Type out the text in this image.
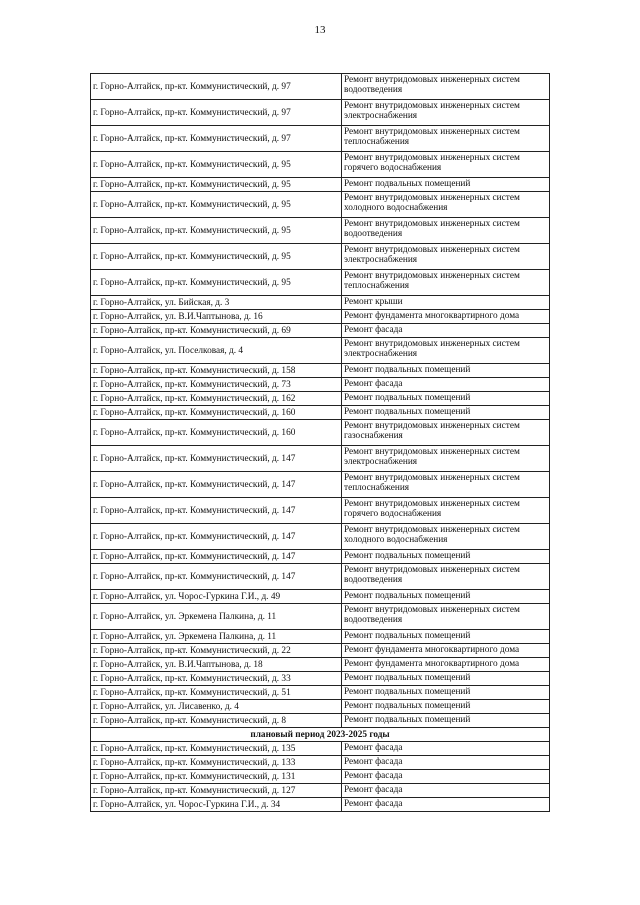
13
г. Горно-Алтайск, пр-кт. Коммунистический, д. 97	Ремонт внутридомовых инженерных систем водоотведения
г. Горно-Алтайск, пр-кт. Коммунистический, д. 97	Ремонт внутридомовых инженерных систем электроснабжения
г. Горно-Алтайск, пр-кт. Коммунистический, д. 97	Ремонт внутридомовых инженерных систем теплоснабжения
г. Горно-Алтайск, пр-кт. Коммунистический, д. 95	Ремонт внутридомовых инженерных систем горячего водоснабжения
г. Горно-Алтайск, пр-кт. Коммунистический, д. 95	Ремонт подвальных помещений
г. Горно-Алтайск, пр-кт. Коммунистический, д. 95	Ремонт внутридомовых инженерных систем холодного водоснабжения
г. Горно-Алтайск, пр-кт. Коммунистический, д. 95	Ремонт внутридомовых инженерных систем водоотведения
г. Горно-Алтайск, пр-кт. Коммунистический, д. 95	Ремонт внутридомовых инженерных систем электроснабжения
г. Горно-Алтайск, пр-кт. Коммунистический, д. 95	Ремонт внутридомовых инженерных систем теплоснабжения
г. Горно-Алтайск, ул. Бийская, д. 3	Ремонт крыши
г. Горно-Алтайск, ул. В.И.Чаптынова, д. 16	Ремонт фундамента многоквартирного дома
г. Горно-Алтайск, пр-кт. Коммунистический, д. 69	Ремонт фасада
г. Горно-Алтайск, ул. Поселковая, д. 4	Ремонт внутридомовых инженерных систем электроснабжения
г. Горно-Алтайск, пр-кт. Коммунистический, д. 158	Ремонт подвальных помещений
г. Горно-Алтайск, пр-кт. Коммунистический, д. 73	Ремонт фасада
г. Горно-Алтайск, пр-кт. Коммунистический, д. 162	Ремонт подвальных помещений
г. Горно-Алтайск, пр-кт. Коммунистический, д. 160	Ремонт подвальных помещений
г. Горно-Алтайск, пр-кт. Коммунистический, д. 160	Ремонт внутридомовых инженерных систем газоснабжения
г. Горно-Алтайск, пр-кт. Коммунистический, д. 147	Ремонт внутридомовых инженерных систем электроснабжения
г. Горно-Алтайск, пр-кт. Коммунистический, д. 147	Ремонт внутридомовых инженерных систем теплоснабжения
г. Горно-Алтайск, пр-кт. Коммунистический, д. 147	Ремонт внутридомовых инженерных систем горячего водоснабжения
г. Горно-Алтайск, пр-кт. Коммунистический, д. 147	Ремонт внутридомовых инженерных систем холодного водоснабжения
г. Горно-Алтайск, пр-кт. Коммунистический, д. 147	Ремонт подвальных помещений
г. Горно-Алтайск, пр-кт. Коммунистический, д. 147	Ремонт внутридомовых инженерных систем водоотведения
г. Горно-Алтайск, ул. Чорос-Гуркина Г.И., д. 49	Ремонт подвальных помещений
г. Горно-Алтайск, ул. Эркемена Палкина, д. 11	Ремонт внутридомовых инженерных систем водоотведения
г. Горно-Алтайск, ул. Эркемена Палкина, д. 11	Ремонт подвальных помещений
г. Горно-Алтайск, пр-кт. Коммунистический, д. 22	Ремонт фундамента многоквартирного дома
г. Горно-Алтайск, ул. В.И.Чаптынова, д. 18	Ремонт фундамента многоквартирного дома
г. Горно-Алтайск, пр-кт. Коммунистический, д. 33	Ремонт подвальных помещений
г. Горно-Алтайск, пр-кт. Коммунистический, д. 51	Ремонт подвальных помещений
г. Горно-Алтайск, ул. Лисавенко, д. 4	Ремонт подвальных помещений
г. Горно-Алтайск, пр-кт. Коммунистический, д. 8	Ремонт подвальных помещений
плановый период 2023-2025 годы	
г. Горно-Алтайск, пр-кт. Коммунистический, д. 135	Ремонт фасада
г. Горно-Алтайск, пр-кт. Коммунистический, д. 133	Ремонт фасада
г. Горно-Алтайск, пр-кт. Коммунистический, д. 131	Ремонт фасада
г. Горно-Алтайск, пр-кт. Коммунистический, д. 127	Ремонт фасада
г. Горно-Алтайск, ул. Чорос-Гуркина Г.И., д. 34	Ремонт фасада
